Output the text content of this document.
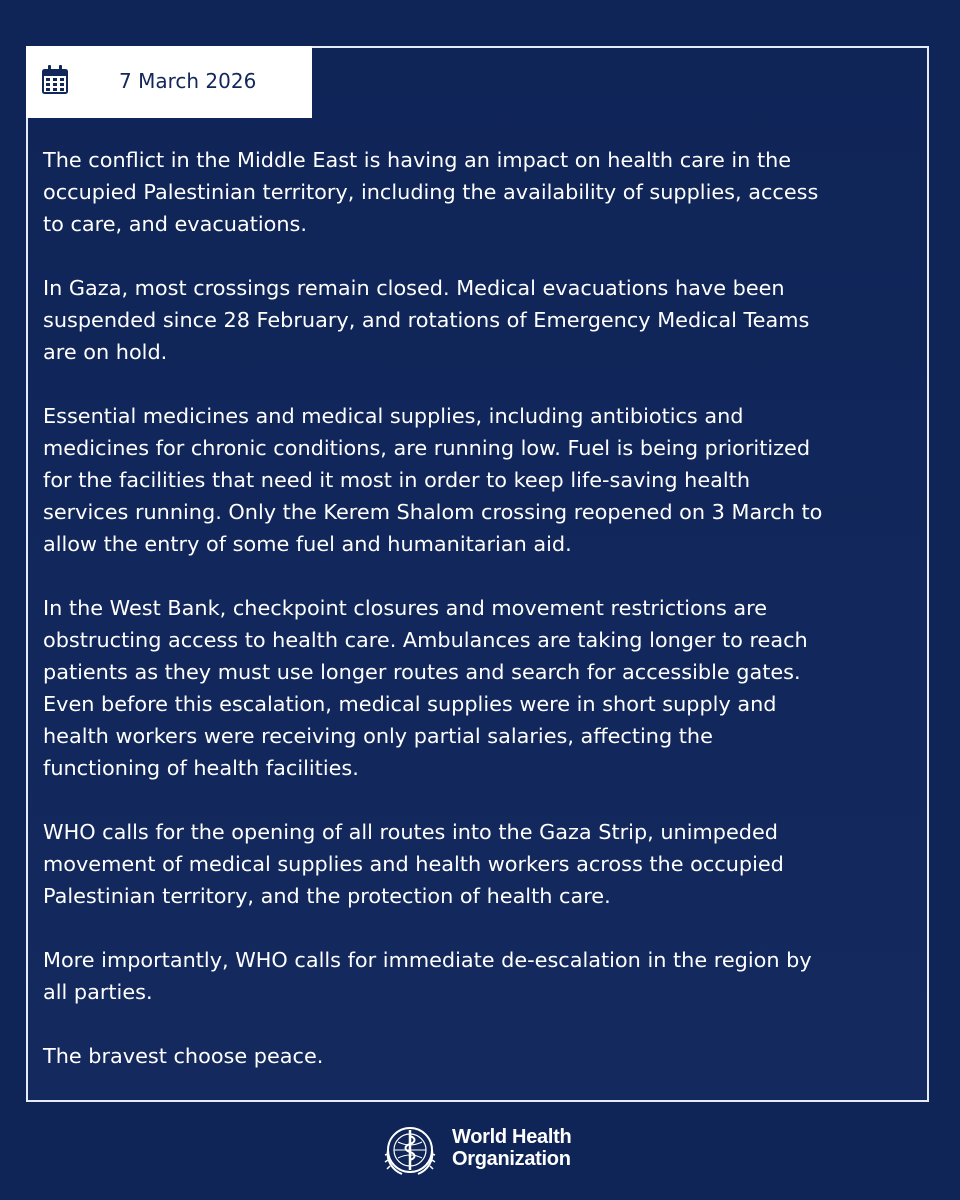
7 March 2026

The conflict in the Middle East is having an impact on health care in the
occupied Palestinian territory, including the availability of supplies, access
to care, and evacuations.

In Gaza, most crossings remain closed. Medical evacuations have been
suspended since 28 February, and rotations of Emergency Medical Teams
are on hold.

Essential medicines and medical supplies, including antibiotics and
medicines for chronic conditions, are running low. Fuel is being prioritized
for the facilities that need it most in order to keep life-saving health
services running. Only the Kerem Shalom crossing reopened on 3 March to
allow the entry of some fuel and humanitarian aid.

In the West Bank, checkpoint closures and movement restrictions are
obstructing access to health care. Ambulances are taking longer to reach
patients as they must use longer routes and search for accessible gates.
Even before this escalation, medical supplies were in short supply and
health workers were receiving only partial salaries, affecting the
functioning of health facilities.

WHO calls for the opening of all routes into the Gaza Strip, unimpeded
movement of medical supplies and health workers across the occupied
Palestinian territory, and the protection of health care.

More importantly, WHO calls for immediate de-escalation in the region by
all parties.

The bravest choose peace.

World Health
Organization
